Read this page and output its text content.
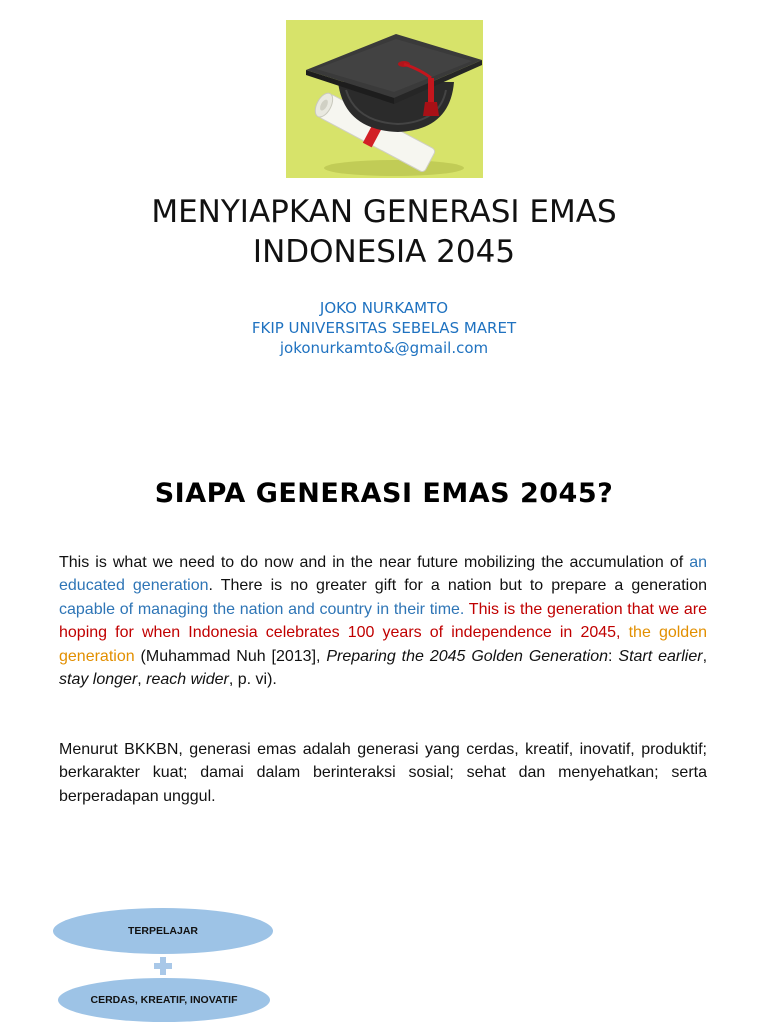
MENYIAPKAN GENERASI EMAS
INDONESIA 2045
JOKO NURKAMTO
FKIP UNIVERSITAS SEBELAS MARET
jokonurkamto&@gmail.com
SIAPA GENERASI EMAS 2045?

This is what we need to do now and in the near future mobilizing the accumulation of an educated generation. There is no greater gift for a nation but to prepare a generation capable of managing the nation and country in their time. This is the generation that we are hoping for when Indonesia celebrates 100 years of independence in 2045, the golden generation (Muhammad Nuh [2013], Preparing the 2045 Golden Generation: Start earlier, stay longer, reach wider, p. vi).

Menurut BKKBN, generasi emas adalah generasi yang cerdas, kreatif, inovatif, produktif; berkarakter kuat; damai dalam berinteraksi sosial; sehat dan menyehatkan; serta berperadapan unggul.

TERPELAJAR
CERDAS, KREATIF, INOVATIF
